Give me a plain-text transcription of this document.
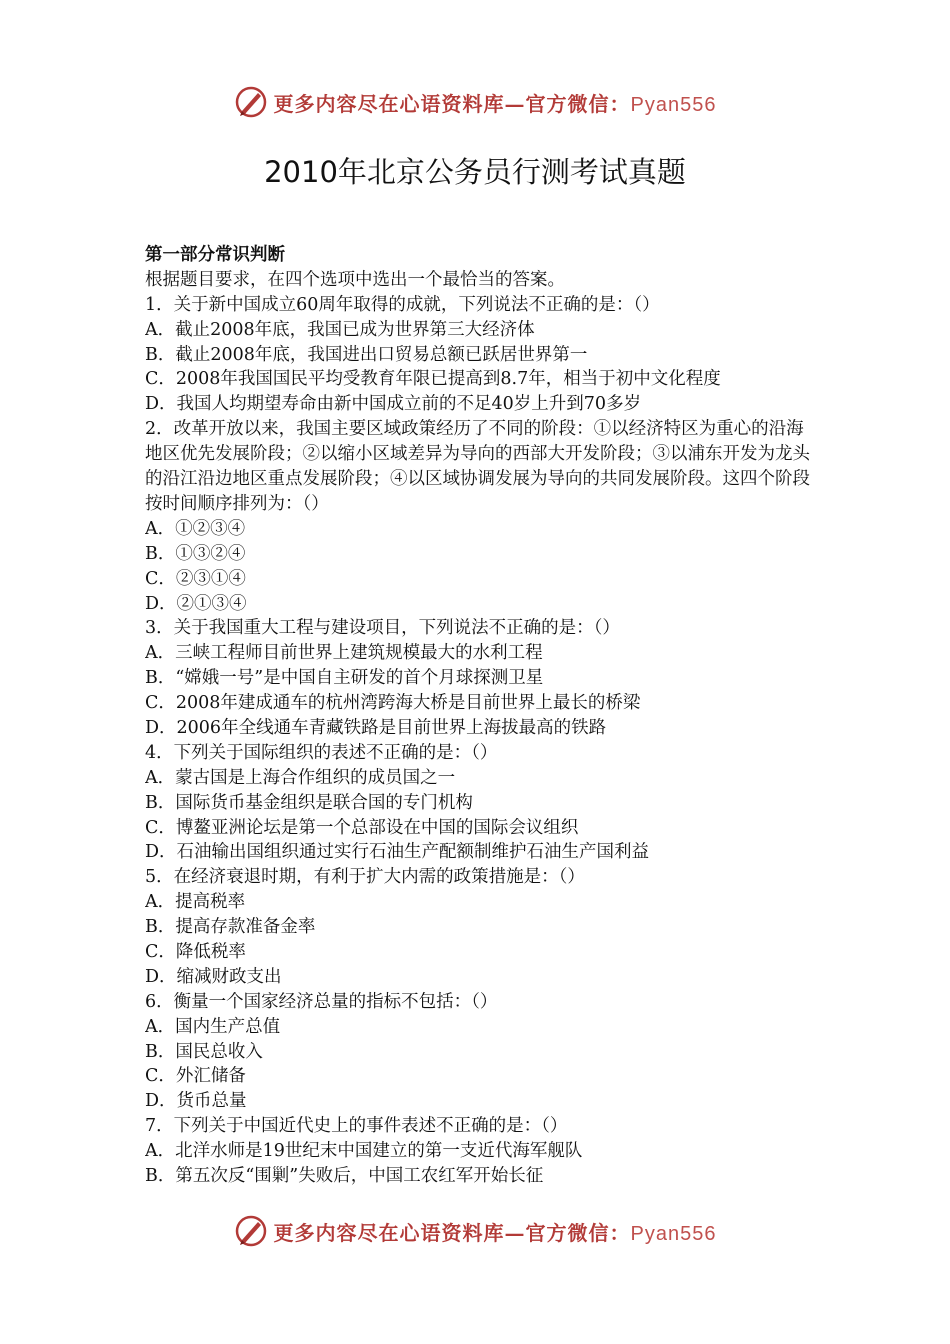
更多内容尽在心语资料库—官方微信：Pyan556
2010年北京公务员行测考试真题
第一部分常识判断
根据题目要求，在四个选项中选出一个最恰当的答案。
1．关于新中国成立60周年取得的成就，下列说法不正确的是：（）
A．截止2008年底，我国已成为世界第三大经济体
B．截止2008年底，我国进出口贸易总额已跃居世界第一
C．2008年我国国民平均受教育年限已提高到8.7年，相当于初中文化程度
D．我国人均期望寿命由新中国成立前的不足40岁上升到70多岁
2．改革开放以来，我国主要区域政策经历了不同的阶段：①以经济特区为重心的沿海地区优先发展阶段；②以缩小区域差异为导向的西部大开发阶段；③以浦东开发为龙头的沿江沿边地区重点发展阶段；④以区域协调发展为导向的共同发展阶段。这四个阶段按时间顺序排列为：（）
A．①②③④
B．①③②④
C．②③①④
D．②①③④
3．关于我国重大工程与建设项目，下列说法不正确的是：（）
A．三峡工程师目前世界上建筑规模最大的水利工程
B．“嫦娥一号”是中国自主研发的首个月球探测卫星
C．2008年建成通车的杭州湾跨海大桥是目前世界上最长的桥梁
D．2006年全线通车青藏铁路是目前世界上海拔最高的铁路
4．下列关于国际组织的表述不正确的是：（）
A．蒙古国是上海合作组织的成员国之一
B．国际货币基金组织是联合国的专门机构
C．博鳌亚洲论坛是第一个总部设在中国的国际会议组织
D．石油输出国组织通过实行石油生产配额制维护石油生产国利益
5．在经济衰退时期，有利于扩大内需的政策措施是：（）
A．提高税率
B．提高存款准备金率
C．降低税率
D．缩减财政支出
6．衡量一个国家经济总量的指标不包括：（）
A．国内生产总值
B．国民总收入
C．外汇储备
D．货币总量
7．下列关于中国近代史上的事件表述不正确的是：（）
A．北洋水师是19世纪末中国建立的第一支近代海军舰队
B．第五次反“围剿”失败后，中国工农红军开始长征
更多内容尽在心语资料库—官方微信：Pyan556
